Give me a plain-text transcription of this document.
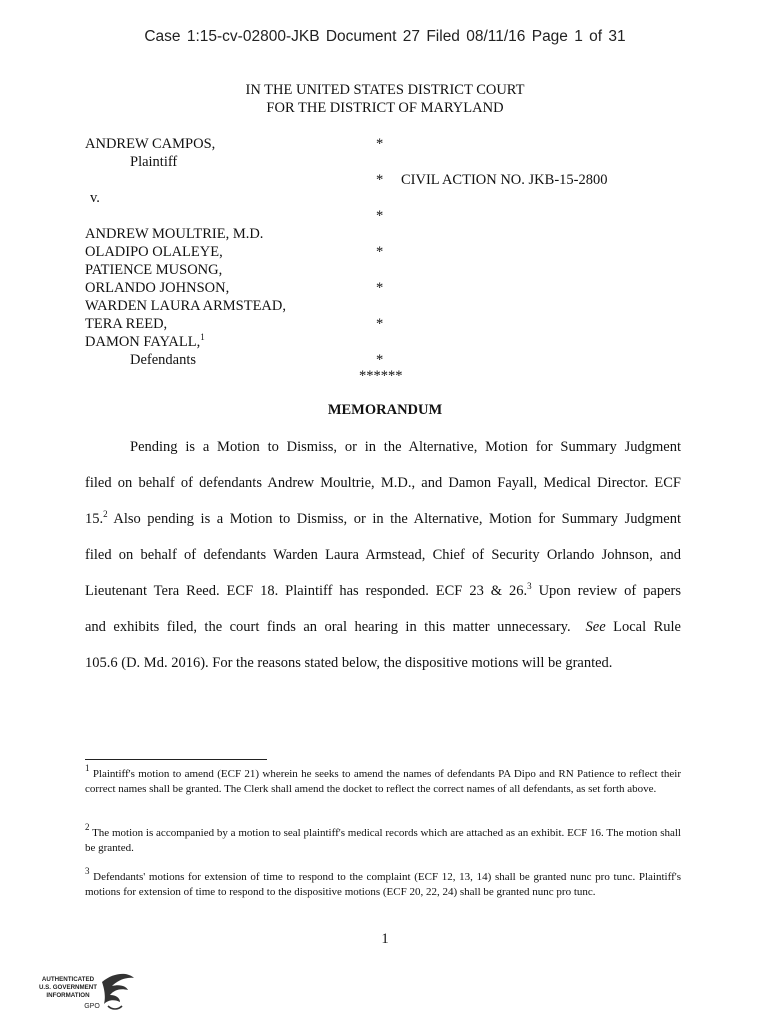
Case 1:15-cv-02800-JKB Document 27 Filed 08/11/16 Page 1 of 31
IN THE UNITED STATES DISTRICT COURT
FOR THE DISTRICT OF MARYLAND
ANDREW CAMPOS,
Plaintiff
v.
ANDREW MOULTRIE, M.D.
OLADIPO OLALEYE,
PATIENCE MUSONG,
ORLANDO JOHNSON,
WARDEN LAURA ARMSTEAD,
TERA REED,
DAMON FAYALL,$^1$
Defendants
*
* CIVIL ACTION NO. JKB-15-2800
*
*
*
*
*
******
MEMORANDUM
Pending is a Motion to Dismiss, or in the Alternative, Motion for Summary Judgment
filed on behalf of defendants Andrew Moultrie, M.D., and Damon Fayall, Medical Director. ECF
15.$^2$ Also pending is a Motion to Dismiss, or in the Alternative, Motion for Summary Judgment
filed on behalf of defendants Warden Laura Armstead, Chief of Security Orlando Johnson, and
Lieutenant Tera Reed. ECF 18. Plaintiff has responded. ECF 23 & 26.$^3$ Upon review of papers
and exhibits filed, the court finds an oral hearing in this matter unnecessary.  See Local Rule
105.6 (D. Md. 2016). For the reasons stated below, the dispositive motions will be granted.
$^1$ Plaintiff's motion to amend (ECF 21) wherein he seeks to amend the names of defendants PA Dipo and RN Patience to reflect their correct names shall be granted. The Clerk shall amend the docket to reflect the correct names of all defendants, as set forth above.
$^2$ The motion is accompanied by a motion to seal plaintiff's medical records which are attached as an exhibit. ECF 16. The motion shall be granted.
$^3$ Defendants' motions for extension of time to respond to the complaint (ECF 12, 13, 14) shall be granted nunc pro tunc. Plaintiff's motions for extension of time to respond to the dispositive motions (ECF 20, 22, 24) shall be granted nunc pro tunc.
1
AUTHENTICATED
U.S. GOVERNMENT
INFORMATION
GPO
